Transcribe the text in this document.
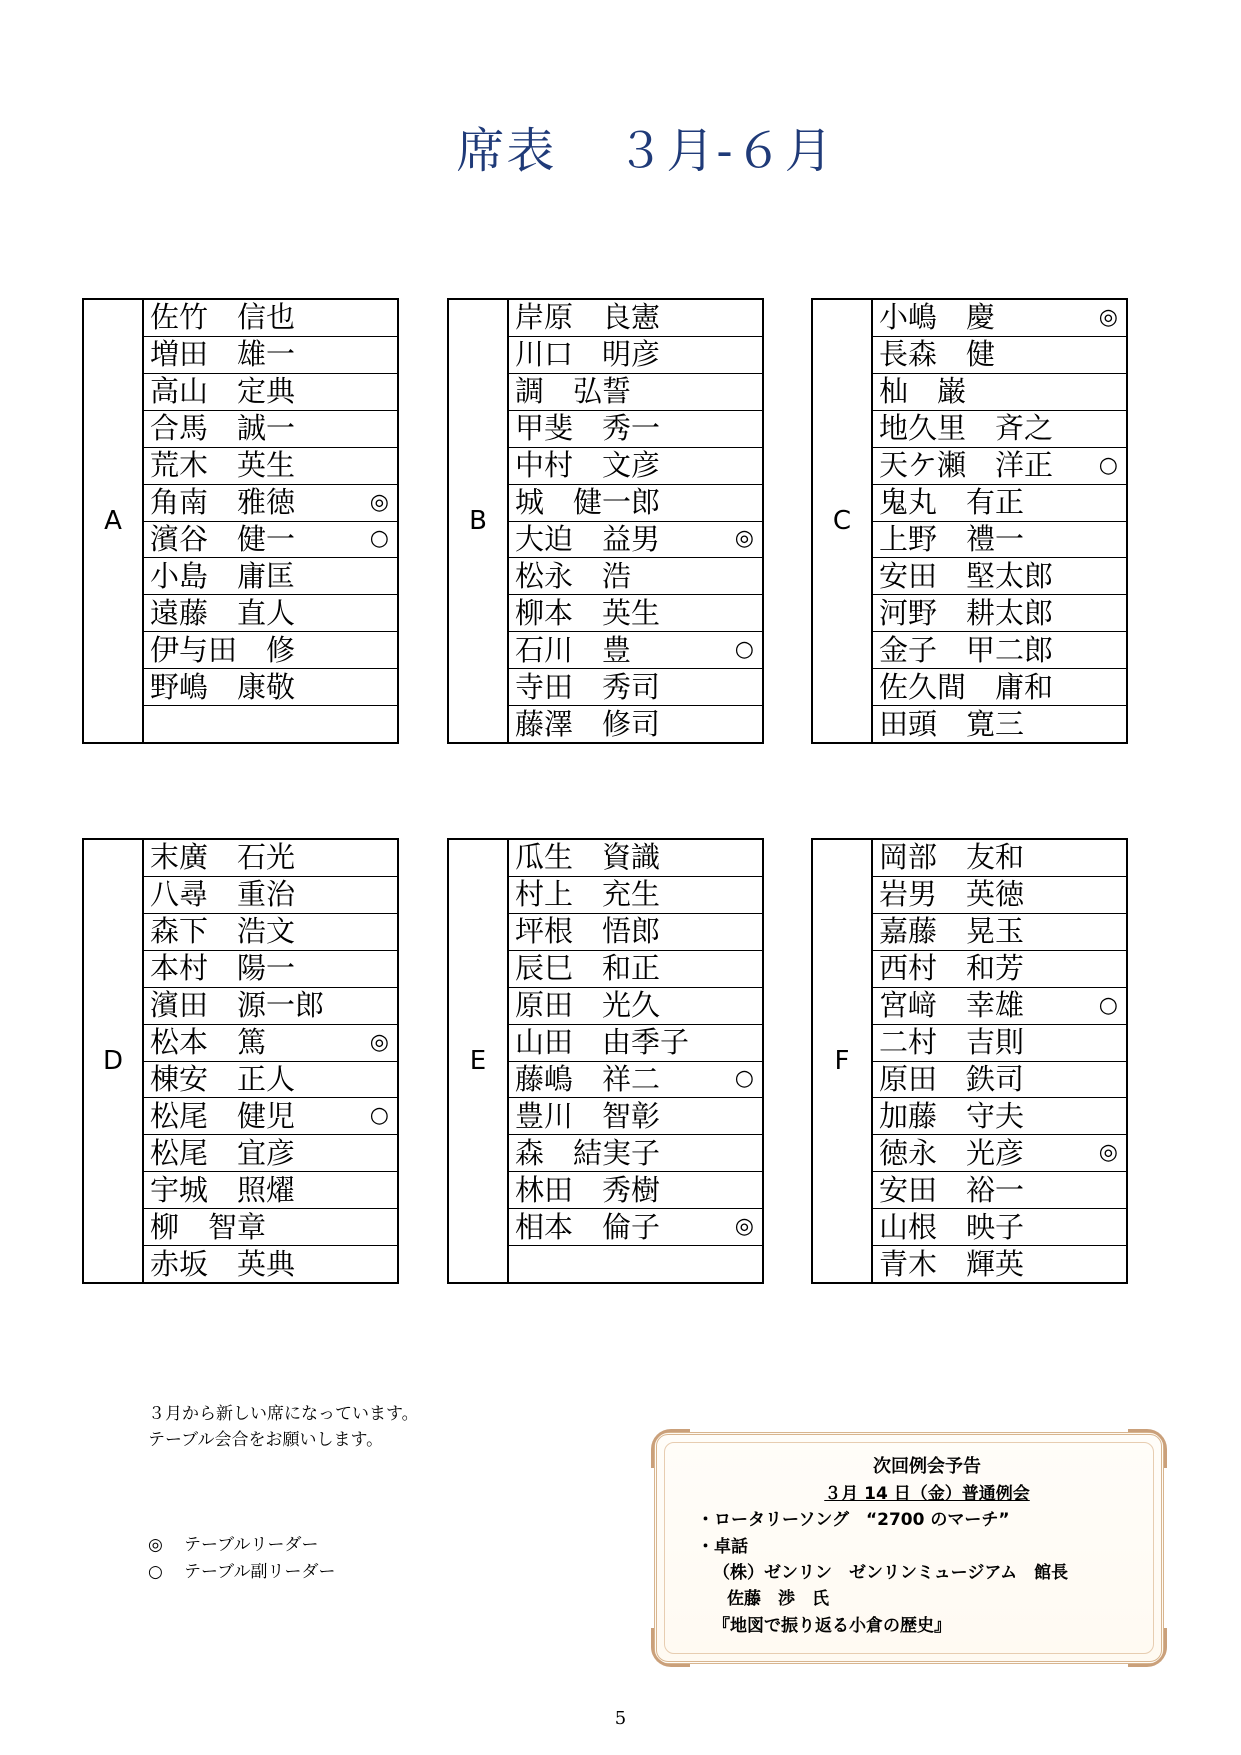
席表 ３月-６月
A
佐竹　信也
増田　雄一
高山　定典
合馬　誠一
荒木　英生
角南　雅徳	◎
濱谷　健一	○
小島　庸匡
遠藤　直人
伊与田　修
野嶋　康敬
B
岸原　良憲
川口　明彦
調　弘誓
甲斐　秀一
中村　文彦
城　健一郎
大迫　益男	◎
松永　浩
柳本　英生
石川　豊	○
寺田　秀司
藤澤　修司
C
小嶋　慶	◎
長森　健
杣　巌
地久里　斉之
天ケ瀬　洋正 ○
鬼丸　有正
上野　禮一
安田　堅太郎
河野　耕太郎
金子　甲二郎
佐久間　庸和
田頭　寛三
D
末廣　石光
八尋　重治
森下　浩文
本村　陽一
濱田　源一郎
松本　篤	◎
棟安　正人
松尾　健児	○
松尾　宜彦
宇城　照燿
柳　智章
赤坂　英典
E
瓜生　資識
村上　充生
坪根　悟郎
辰巳　和正
原田　光久
山田　由季子
藤嶋　祥二	○
豊川　智彰
森　結実子
林田　秀樹
相本　倫子	◎
F
岡部　友和
岩男　英徳
嘉藤　晃玉
西村　和芳
宮﨑　幸雄	○
二村　吉則
原田　鉄司
加藤　守夫
徳永　光彦	◎
安田　裕一
山根　映子
青木　輝英
３月から新しい席になっています。
テーブル会合をお願いします。
◎ テーブルリーダー
○ テーブル副リーダー
次回例会予告
３月 14 日（金）普通例会
・ロータリーソング　“2700 のマーチ”
・卓話
（株）ゼンリン　ゼンリンミュージアム　館長
佐藤　渉　氏
『地図で振り返る小倉の歴史』
5
